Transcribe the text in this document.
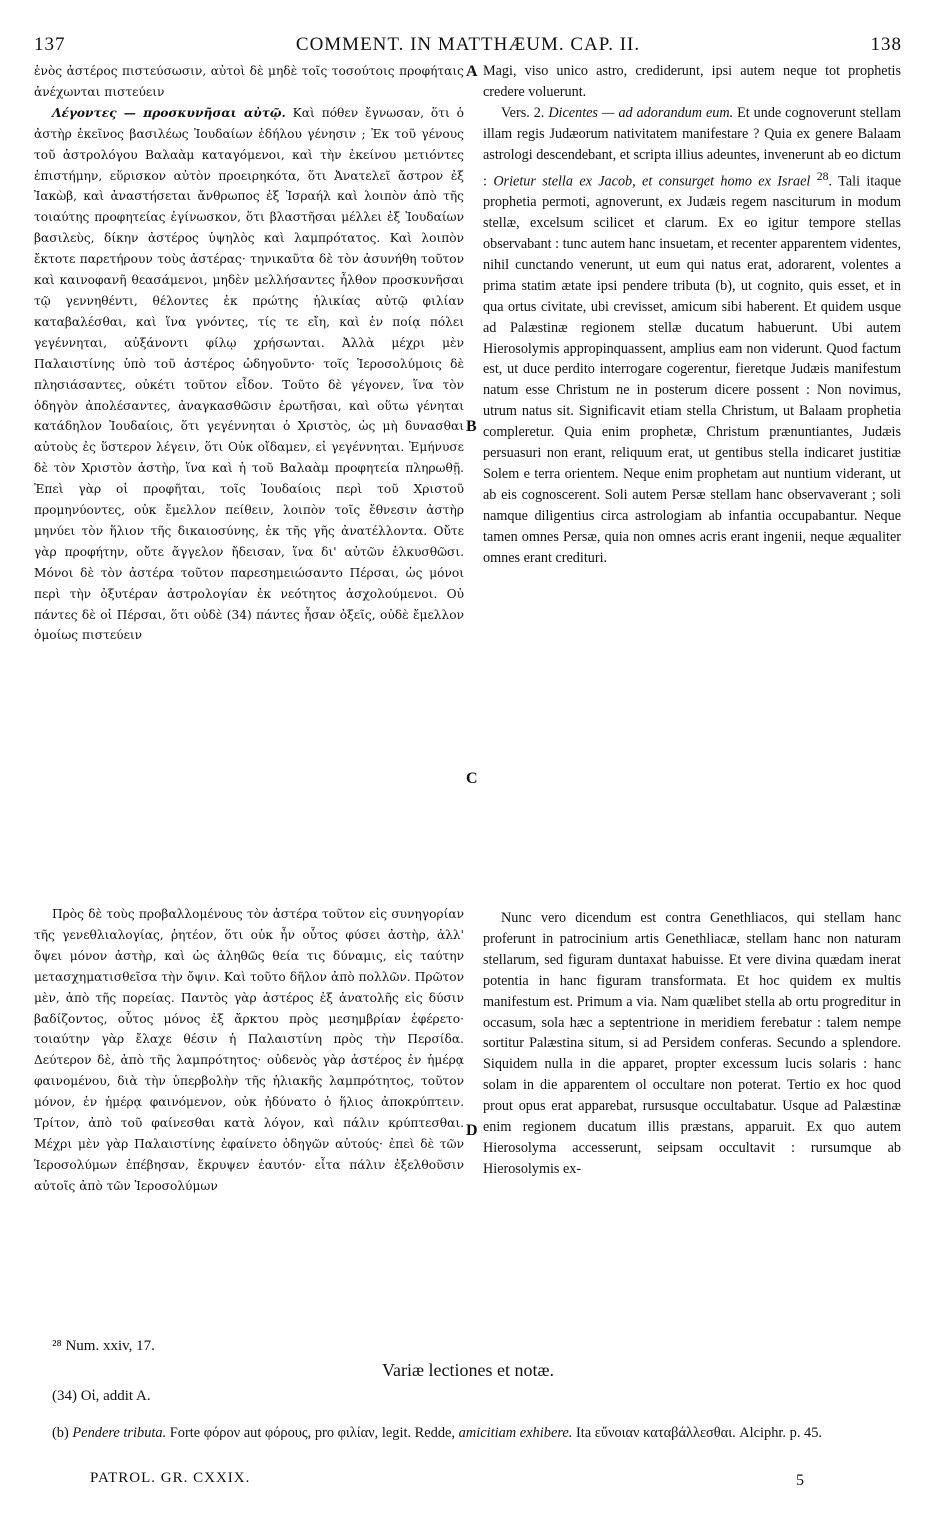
137	COMMENT. IN MATTHÆUM. CAP. II.	138

ἑνὸς ἀστέρος πιστεύσωσιν, αὐτοὶ δὲ μηδὲ τοῖς τοσούτοις προφήταις ἀνέχωνται πιστεύειν

Λέγοντες — προσκυνῆσαι αὐτῷ. Καὶ πόθεν ἔγνωσαν, ὅτι ὁ ἀστὴρ ἐκεῖνος βασιλέως Ἰουδαίων ἐδήλου γένησιν ; Ἐκ τοῦ γένους τοῦ ἀστρολόγου Βαλαὰμ καταγόμενοι, καὶ τὴν ἐκείνου μετιόντες ἐπιστήμην, εὕρισκον αὐτὸν προειρηκότα, ὅτι Ἀνατελεῖ ἄστρον ἐξ Ἰακὼβ, καὶ ἀναστήσεται ἄνθρωπος ἐξ Ἰσραήλ καὶ λοιπὸν ἀπὸ τῆς τοιαύτης προφητείας ἐγίνωσκον, ὅτι βλαστῆσαι μέλλει ἐξ Ἰουδαίων βασιλεὺς, δίκην ἀστέρος ὑψηλὸς καὶ λαμπρότατος. Καὶ λοιπὸν ἔκτοτε παρετήρουν τοὺς ἀστέρας· τηνικαῦτα δὲ τὸν ἀσυνήθη τοῦτον καὶ καινοφανῆ θεασάμενοι, μηδὲν μελλήσαντες ἦλθον προσκυνῆσαι τῷ γεννηθέντι, θέλοντες ἐκ πρώτης ἡλικίας αὐτῷ φιλίαν καταβαλέσθαι, καὶ ἵνα γνόντες, τίς τε εἴη, καὶ ἐν ποίᾳ πόλει γεγέννηται, αὐξάνοντι φίλῳ χρήσωνται. Ἀλλὰ μέχρι μὲν Παλαιστίνης ὑπὸ τοῦ ἀστέρος ὡδηγοῦντο· τοῖς Ἱεροσολύμοις δὲ πλησιάσαντες, οὐκέτι τοῦτον εἶδον. Τοῦτο δὲ γέγονεν, ἵνα τὸν ὁδηγὸν ἀπολέσαντες, ἀναγκασθῶσιν ἐρωτῆσαι, καὶ οὕτω γένηται κατάδηλον Ἰουδαίοις, ὅτι γεγέννηται ὁ Χριστὸς, ὡς μὴ δυνασθαι αὐτοὺς ἐς ὕστερον λέγειν, ὅτι Οὐκ οἴδαμεν, εἰ γεγέννηται. Ἐμήνυσε δὲ τὸν Χριστὸν ἀστὴρ, ἵνα καὶ ἡ τοῦ Βαλαὰμ προφητεία πληρωθῇ. Ἐπεὶ γὰρ οἱ προφῆται, τοῖς Ἰουδαίοις περὶ τοῦ Χριστοῦ προμηνύοντες, οὐκ ἔμελλον πείθειν, λοιπὸν τοῖς ἔθνεσιν ἀστὴρ μηνύει τὸν ἥλιον τῆς δικαιοσύνης, ἐκ τῆς γῆς ἀνατέλλοντα. Οὔτε γὰρ προφήτην, οὔτε ἄγγελον ἤδεισαν, ἵνα δι' αὐτῶν ἑλκυσθῶσι. Μόνοι δὲ τὸν ἀστέρα τοῦτον παρεσημειώσαντο Πέρσαι, ὡς μόνοι περὶ τὴν ὀξυτέραν ἀστρολογίαν ἐκ νεότητος ἀσχολούμενοι. Οὐ πάντες δὲ οἱ Πέρσαι, ὅτι οὐδὲ (34) πάντες ἦσαν ὀξεῖς, οὐδὲ ἔμελλον ὁμοίως πιστεύειν

Magi, viso unico astro, crediderunt, ipsi autem neque tot prophetis credere voluerunt.

Vers. 2. Dicentes — ad adorandum eum. Et unde cognoverunt stellam illam regis Judæorum nativitatem manifestare ? Quia ex genere Balaam astrologi descendebant, et scripta illius adeuntes, invenerunt ab eo dictum : Orietur stella ex Jacob, et consurget homo ex Israel $^{28}$. Tali itaque prophetia permoti, agnoverunt, ex Judæis regem nasciturum in modum stellæ, excelsum scilicet et clarum. Ex eo igitur tempore stellas observabant : tunc autem hanc insuetam, et recenter apparentem videntes, nihil cunctando venerunt, ut eum qui natus erat, adorarent, volentes a prima statim ætate ipsi pendere tributa (b), ut cognito, quis esset, et in qua ortus civitate, ubi crevisset, amicum sibi haberent. Et quidem usque ad Palæstinæ regionem stellæ ducatum habuerunt. Ubi autem Hierosolymis appropinquassent, amplius eam non viderunt. Quod factum est, ut duce perdito interrogare cogerentur, fieretque Judæis manifestum natum esse Christum ne in posterum dicere possent : Non novimus, utrum natus sit. Significavit etiam stella Christum, ut Balaam prophetia compleretur. Quia enim prophetæ, Christum prænuntiantes, Judæis persuasuri non erant, reliquum erat, ut gentibus stella indicaret justitiæ Solem e terra orientem. Neque enim prophetam aut nuntium viderant, ut ab eis cognoscerent. Soli autem Persæ stellam hanc observaverant ; soli namque diligentius circa astrologiam ab infantia occupabantur. Neque tamen omnes Persæ, quia non omnes acris erant ingenii, neque æqualiter omnes erant credituri.

Πρὸς δὲ τοὺς προβαλλομένους τὸν ἀστέρα τοῦτον εἰς συνηγορίαν τῆς γενεθλιαλογίας, ῥητέον, ὅτι οὐκ ἦν οὗτος φύσει ἀστὴρ, ἀλλ' ὄψει μόνον ἀστὴρ, καὶ ὡς ἀληθῶς θεία τις δύναμις, εἰς ταύτην μετασχηματισθεῖσα τὴν ὄψιν. Καὶ τοῦτο δῆλον ἀπὸ πολλῶν. Πρῶτον μὲν, ἀπὸ τῆς πορείας. Παντὸς γὰρ ἀστέρος ἐξ ἀνατολῆς εἰς δύσιν βαδίζοντος, οὗτος μόνος ἐξ ἄρκτου πρὸς μεσημβρίαν ἐφέρετο· τοιαύτην γὰρ ἔλαχε θέσιν ἡ Παλαιστίνη πρὸς τὴν Περσίδα. Δεύτερον δὲ, ἀπὸ τῆς λαμπρότητος· οὐδενὸς γὰρ ἀστέρος ἐν ἡμέρᾳ φαινομένου, διὰ τὴν ὑπερβολὴν τῆς ἡλιακῆς λαμπρότητος, τοῦτον μόνον, ἐν ἡμέρᾳ φαινόμενον, οὐκ ἠδύνατο ὁ ἥλιος ἀποκρύπτειν. Τρίτον, ἀπὸ τοῦ φαίνεσθαι κατὰ λόγον, καὶ πάλιν κρύπτεσθαι. Μέχρι μὲν γὰρ Παλαιστίνης ἐφαίνετο ὁδηγῶν αὐτούς· ἐπεὶ δὲ τῶν Ἱεροσολύμων ἐπέβησαν, ἔκρυψεν ἑαυτόν· εἶτα πάλιν ἐξελθοῦσιν αὐτοῖς ἀπὸ τῶν Ἱεροσολύμων

Nunc vero dicendum est contra Genethliacos, qui stellam hanc proferunt in patrocinium artis Genethliacæ, stellam hanc non naturam stellarum, sed figuram duntaxat habuisse. Et vere divina quædam inerat potentia in hanc figuram transformata. Et hoc quidem ex multis manifestum est. Primum a via. Nam quælibet stella ab ortu progreditur in occasum, sola hæc a septentrione in meridiem ferebatur : talem nempe sortitur Palæstina situm, si ad Persidem conferas. Secundo a splendore. Siquidem nulla in die apparet, propter excessum lucis solaris : hanc solam in die apparentem ol occultare non poterat. Tertio ex hoc quod prout opus erat apparebat, rursusque occultabatur. Usque ad Palæstinæ enim regionem ducatum illis præstans, apparuit. Ex quo autem Hierosolyma accesserunt, seipsam occultavit : rursumque ab Hierosolymis ex-

A
B
C
D
²⁸ Num. xxiv, 17.
Variæ lectiones et notæ.
(34) Οἱ, addit A.
(b) Pendere tributa. Forte φόρον aut φόρους, pro φιλίαν, legit. Redde, amicitiam exhibere. Ita εὔνοιαν καταβάλλεσθαι. Alciphr. p. 45.
PATROL. GR. CXXIX.	5
